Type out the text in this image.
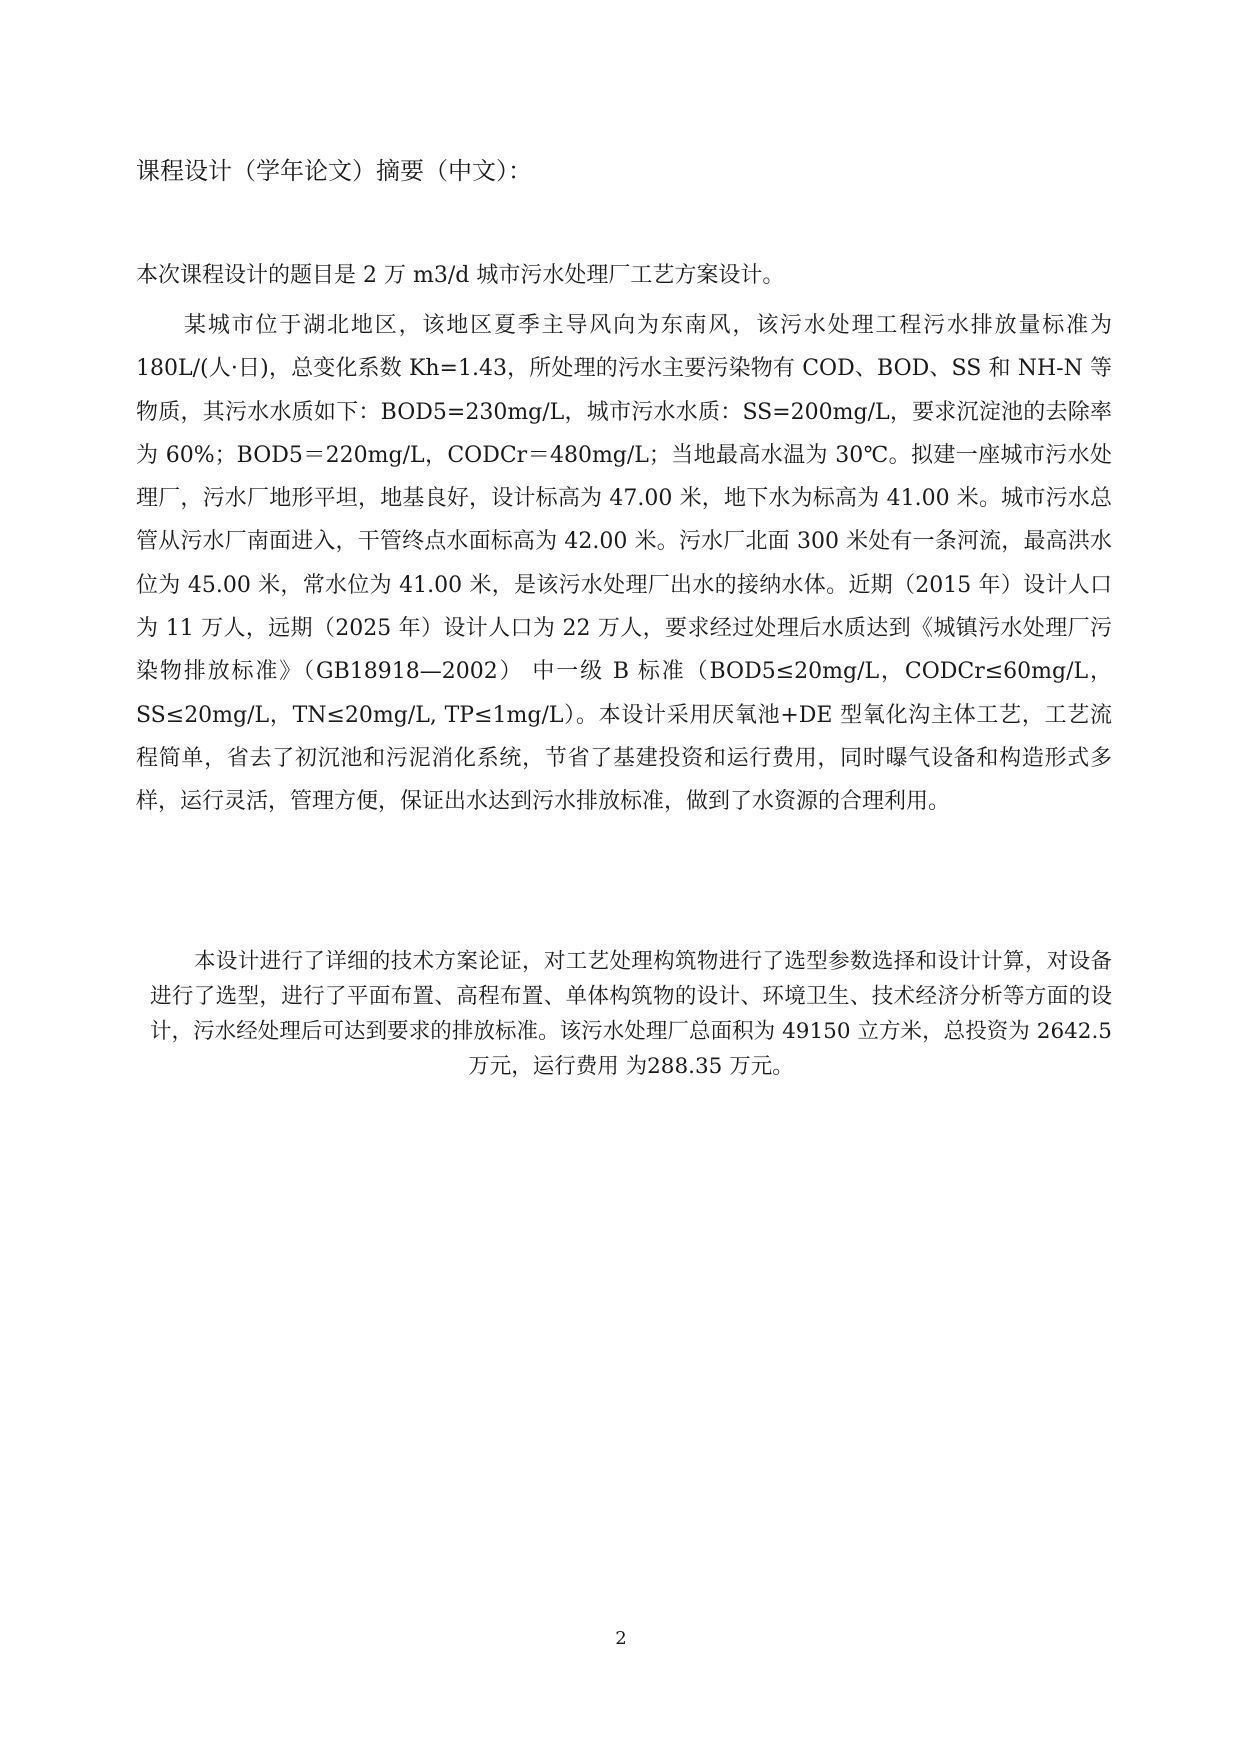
课程设计（学年论文）摘要（中文）：

本次课程设计的题目是 2 万 m3/d 城市污水处理厂工艺方案设计。

某城市位于湖北地区，该地区夏季主导风向为东南风，该污水处理工程污水排放量标准为 180L/(人·日)，总变化系数 Kh=1.43，所处理的污水主要污染物有 COD、BOD、SS 和 NH-N 等物质，其污水水质如下：BOD5=230mg/L，城市污水水质：SS=200mg/L，要求沉淀池的去除率为 60%；BOD5＝220mg/L，CODCr＝480mg/L；当地最高水温为 30℃。拟建一座城市污水处理厂，污水厂地形平坦，地基良好，设计标高为 47.00 米，地下水为标高为 41.00 米。城市污水总管从污水厂南面进入，干管终点水面标高为 42.00 米。污水厂北面 300 米处有一条河流，最高洪水位为 45.00 米，常水位为 41.00 米，是该污水处理厂出水的接纳水体。近期（2015 年）设计人口为 11 万人，远期（2025 年）设计人口为 22 万人，要求经过处理后水质达到《城镇污水处理厂污染物排放标准》（GB18918—2002） 中一级 B 标准（BOD5≤20mg/L，CODCr≤60mg/L，SS≤20mg/L，TN≤20mg/L, TP≤1mg/L）。本设计采用厌氧池+DE 型氧化沟主体工艺，工艺流程简单，省去了初沉池和污泥消化系统，节省了基建投资和运行费用，同时曝气设备和构造形式多样，运行灵活，管理方便，保证出水达到污水排放标准，做到了水资源的合理利用。

本设计进行了详细的技术方案论证，对工艺处理构筑物进行了选型参数选择和设计计算，对设备进行了选型，进行了平面布置、高程布置、单体构筑物的设计、环境卫生、技术经济分析等方面的设计，污水经处理后可达到要求的排放标准。该污水处理厂总面积为 49150 立方米，总投资为 2642.5 万元，运行费用 为288.35 万元。

2
